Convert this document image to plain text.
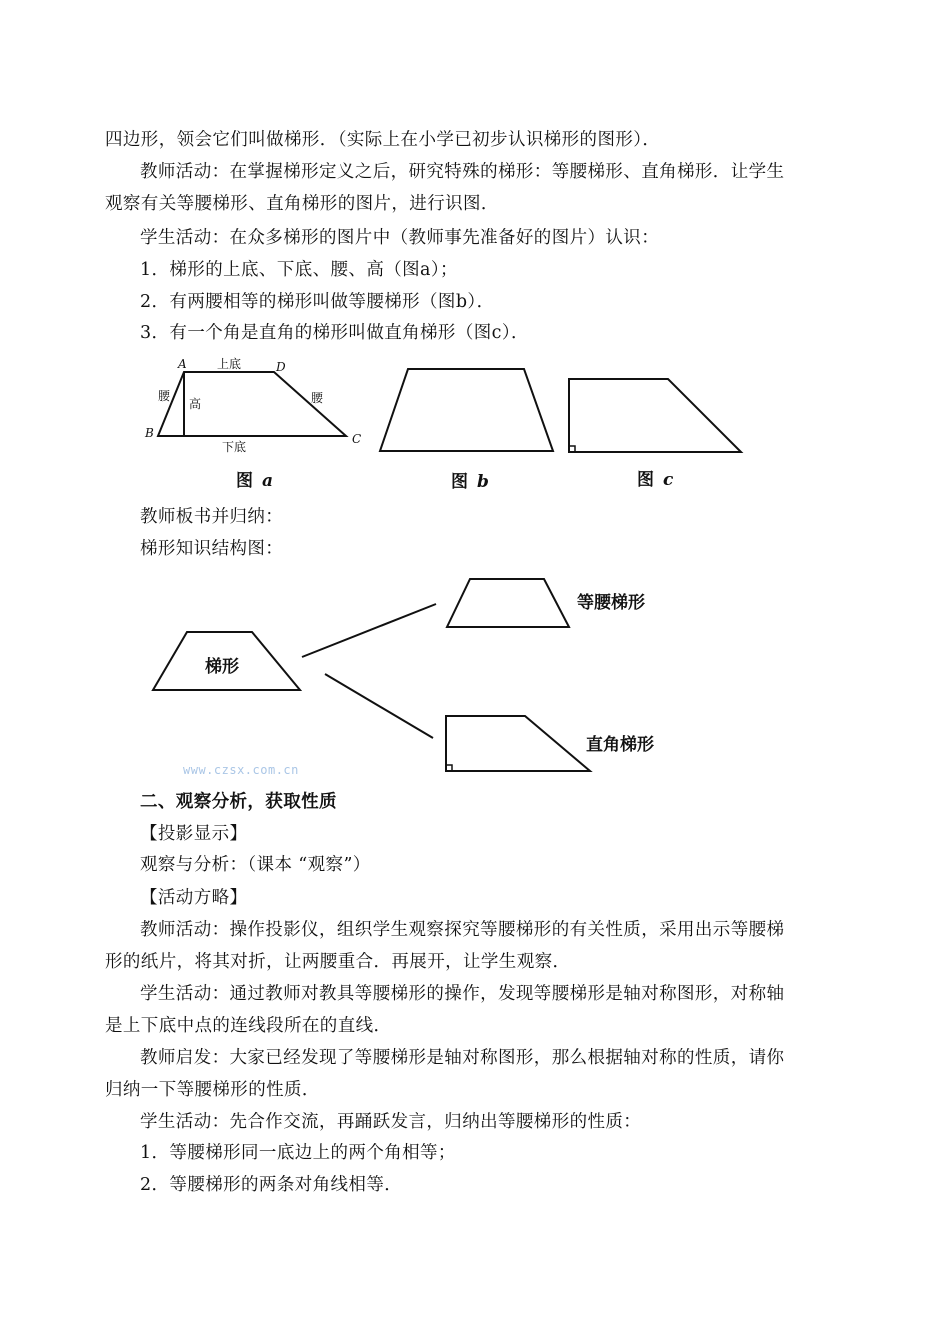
四边形，领会它们叫做梯形．（实际上在小学已初步认识梯形的图形）．
教师活动：在掌握梯形定义之后，研究特殊的梯形：等腰梯形、直角梯形．让学生
观察有关等腰梯形、直角梯形的图片，进行识图．
学生活动：在众多梯形的图片中（教师事先准备好的图片）认识：
1．梯形的上底、下底、腰、高（图a）；
2．有两腰相等的梯形叫做等腰梯形（图b）．
3．有一个角是直角的梯形叫做直角梯形（图c）．
A	D
B	C
上底
下底
腰	腰
高
图 a	图 b	图 c
教师板书并归纳：
梯形知识结构图：
梯形
等腰梯形
直角梯形
www.czsx.com.cn
二、观察分析，获取性质
【投影显示】
观察与分析：（课本 “观察”）
【活动方略】
教师活动：操作投影仪，组织学生观察探究等腰梯形的有关性质，采用出示等腰梯
形的纸片，将其对折，让两腰重合．再展开，让学生观察．
学生活动：通过教师对教具等腰梯形的操作，发现等腰梯形是轴对称图形，对称轴
是上下底中点的连线段所在的直线．
教师启发：大家已经发现了等腰梯形是轴对称图形，那么根据轴对称的性质，请你
归纳一下等腰梯形的性质．
学生活动：先合作交流，再踊跃发言，归纳出等腰梯形的性质：
1．等腰梯形同一底边上的两个角相等；
2．等腰梯形的两条对角线相等．
